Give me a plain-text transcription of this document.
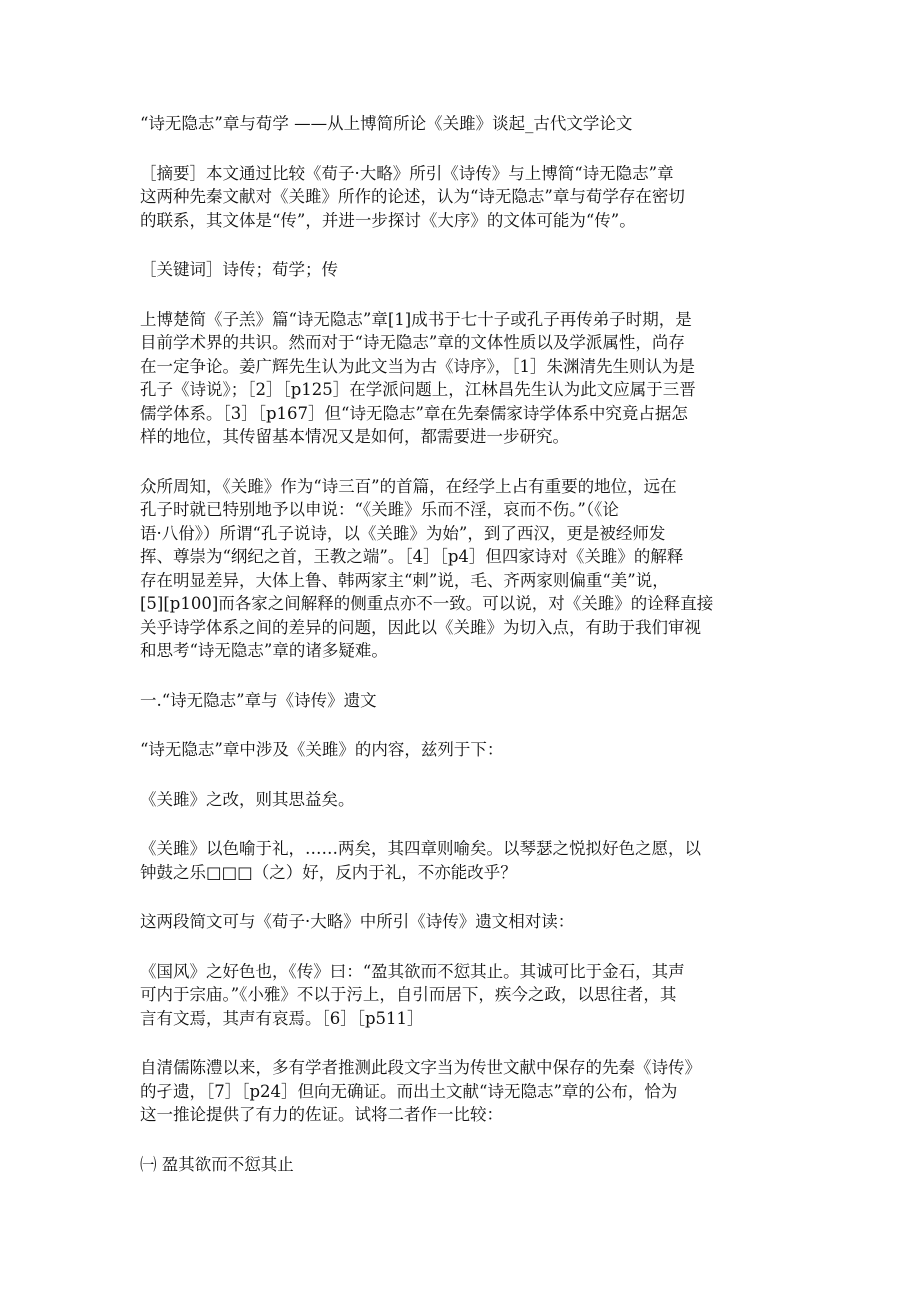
“诗无隐志”章与荀学 ——从上博简所论《关雎》谈起_古代文学论文

［摘要］本文通过比较《荀子·大略》所引《诗传》与上博简“诗无隐志”章
这两种先秦文献对《关雎》所作的论述，认为“诗无隐志”章与荀学存在密切
的联系，其文体是“传”，并进一步探讨《大序》的文体可能为“传”。

［关键词］诗传；荀学；传

上博楚简《子羔》篇“诗无隐志”章[1]成书于七十子或孔子再传弟子时期，是
目前学术界的共识。然而对于“诗无隐志”章的文体性质以及学派属性，尚存
在一定争论。姜广辉先生认为此文当为古《诗序》，［1］朱渊清先生则认为是
孔子《诗说》；［2］［p125］在学派问题上，江林昌先生认为此文应属于三晋
儒学体系。［3］［p167］但“诗无隐志”章在先秦儒家诗学体系中究竟占据怎
样的地位，其传留基本情况又是如何，都需要进一步研究。

众所周知，《关雎》作为“诗三百”的首篇，在经学上占有重要的地位，远在
孔子时就已特别地予以申说：“《关雎》乐而不淫，哀而不伤。”（《论
语·八佾》）所谓“孔子说诗，以《关雎》为始”，到了西汉，更是被经师发
挥、尊崇为“纲纪之首，王教之端”。［4］［p4］但四家诗对《关雎》的解释
存在明显差异，大体上鲁、韩两家主“刺”说，毛、齐两家则偏重“美”说，
[5][p100]而各家之间解释的侧重点亦不一致。可以说，对《关雎》的诠释直接
关乎诗学体系之间的差异的问题，因此以《关雎》为切入点，有助于我们审视
和思考“诗无隐志”章的诸多疑难。

一.“诗无隐志”章与《诗传》遗文

“诗无隐志”章中涉及《关雎》的内容，兹列于下：

《关雎》之改，则其思益矣。

《关雎》以色喻于礼，……两矣，其四章则喻矣。以琴瑟之悦拟好色之愿，以
钟鼓之乐□□□（之）好，反内于礼，不亦能改乎？

这两段简文可与《荀子·大略》中所引《诗传》遗文相对读：

《国风》之好色也，《传》曰：“盈其欲而不愆其止。其诚可比于金石，其声
可内于宗庙。”《小雅》不以于污上，自引而居下，疾今之政，以思往者，其
言有文焉，其声有哀焉。［6］［p511］

自清儒陈澧以来，多有学者推测此段文字当为传世文献中保存的先秦《诗传》
的孑遗，［7］［p24］但向无确证。而出土文献“诗无隐志”章的公布，恰为
这一推论提供了有力的佐证。试将二者作一比较：

㈠ 盈其欲而不愆其止
